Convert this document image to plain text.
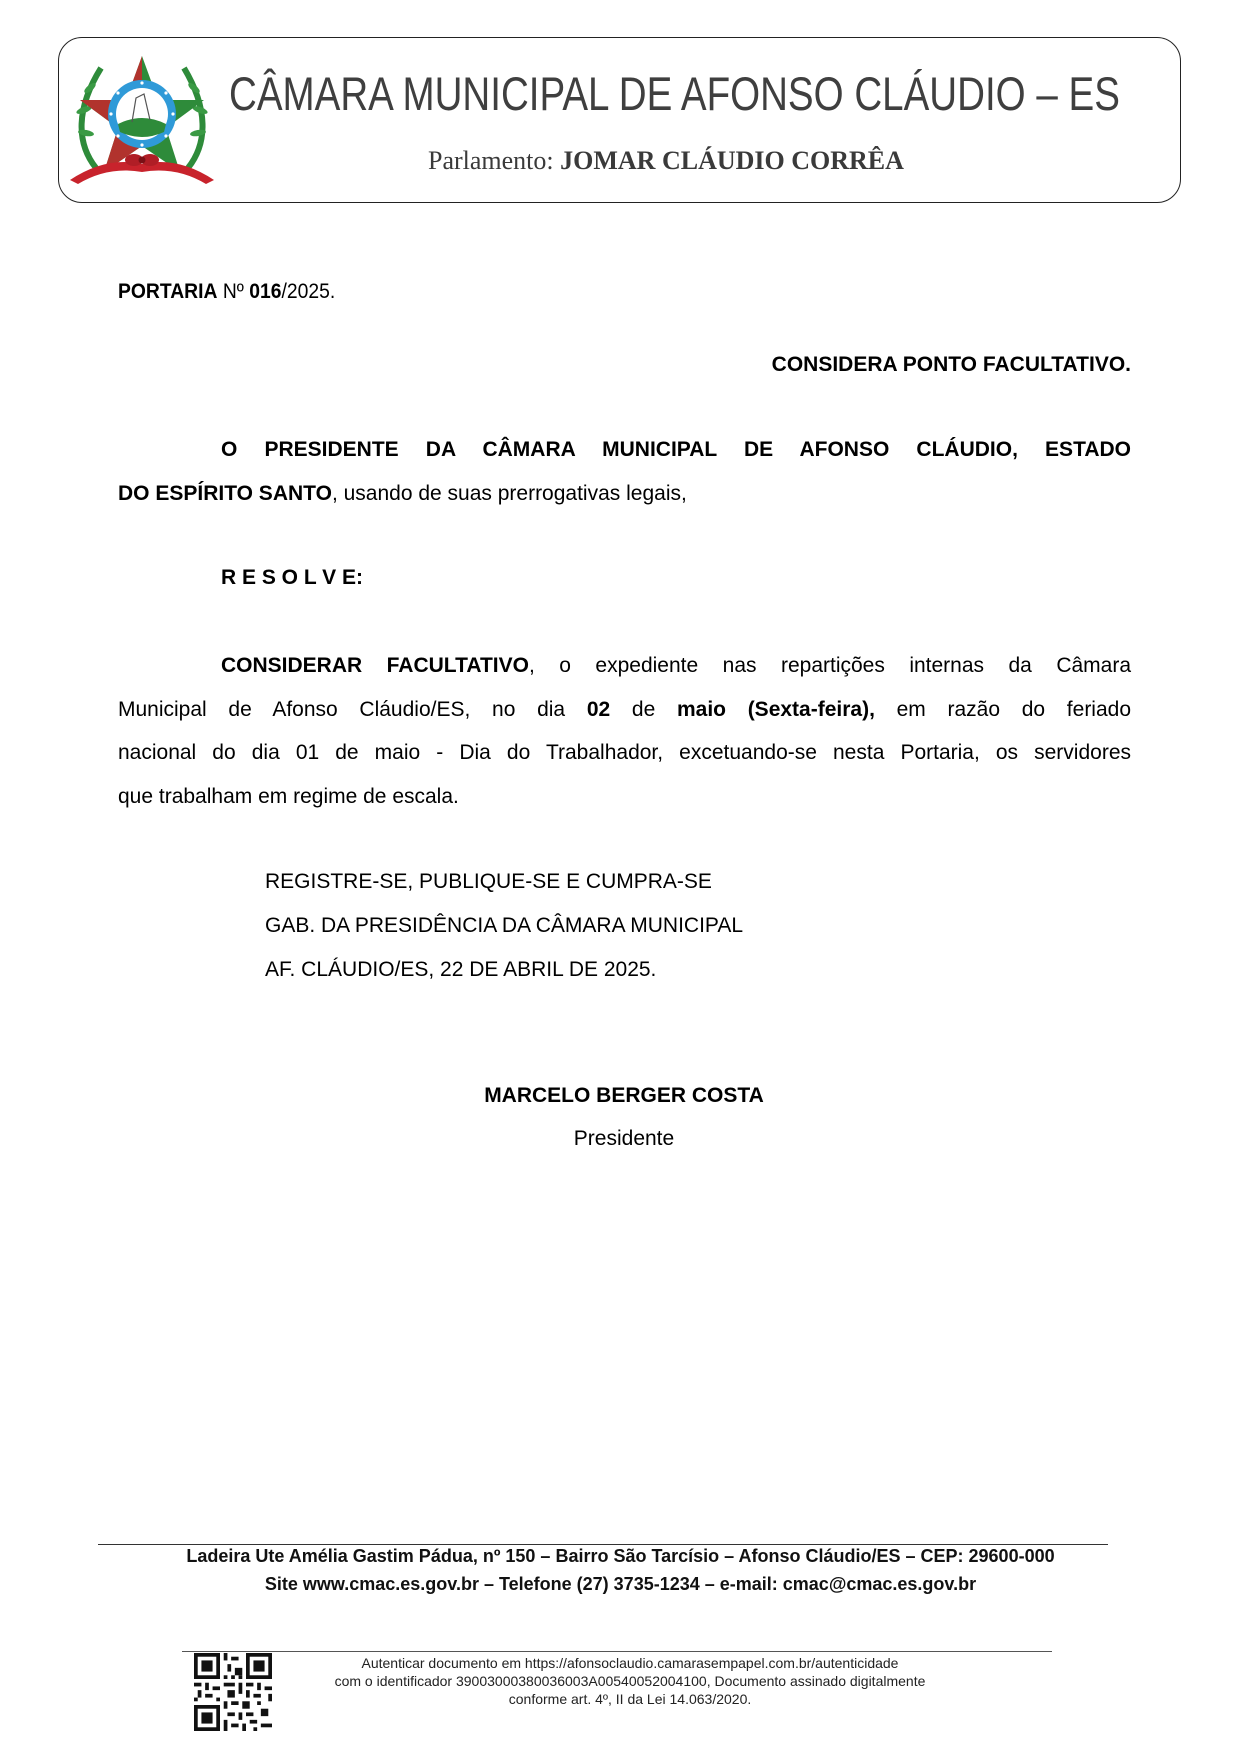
CÂMARA MUNICIPAL DE AFONSO CLÁUDIO – ES
Parlamento: JOMAR CLÁUDIO CORRÊA
PORTARIA Nº 016/2025.
CONSIDERA PONTO FACULTATIVO.
O PRESIDENTE DA CÂMARA MUNICIPAL DE AFONSO CLÁUDIO, ESTADO
DO ESPÍRITO SANTO, usando de suas prerrogativas legais,
R E S O L V E:
CONSIDERAR FACULTATIVO, o expediente nas repartições internas da Câmara
Municipal de Afonso Cláudio/ES, no dia 02 de maio (Sexta-feira), em razão do feriado
nacional do dia 01 de maio - Dia do Trabalhador, excetuando-se nesta Portaria, os servidores
que trabalham em regime de escala.
REGISTRE-SE, PUBLIQUE-SE E CUMPRA-SE
GAB. DA PRESIDÊNCIA DA CÂMARA MUNICIPAL
AF. CLÁUDIO/ES, 22 DE ABRIL DE 2025.
MARCELO BERGER COSTA
Presidente
Ladeira Ute Amélia Gastim Pádua, nº 150 – Bairro São Tarcísio – Afonso Cláudio/ES – CEP: 29600-000
Site www.cmac.es.gov.br – Telefone (27) 3735-1234 – e-mail: cmac@cmac.es.gov.br
Autenticar documento em https://afonsoclaudio.camarasempapel.com.br/autenticidade
com o identificador 39003000380036003A00540052004100, Documento assinado digitalmente
conforme art. 4º, II da Lei 14.063/2020.
